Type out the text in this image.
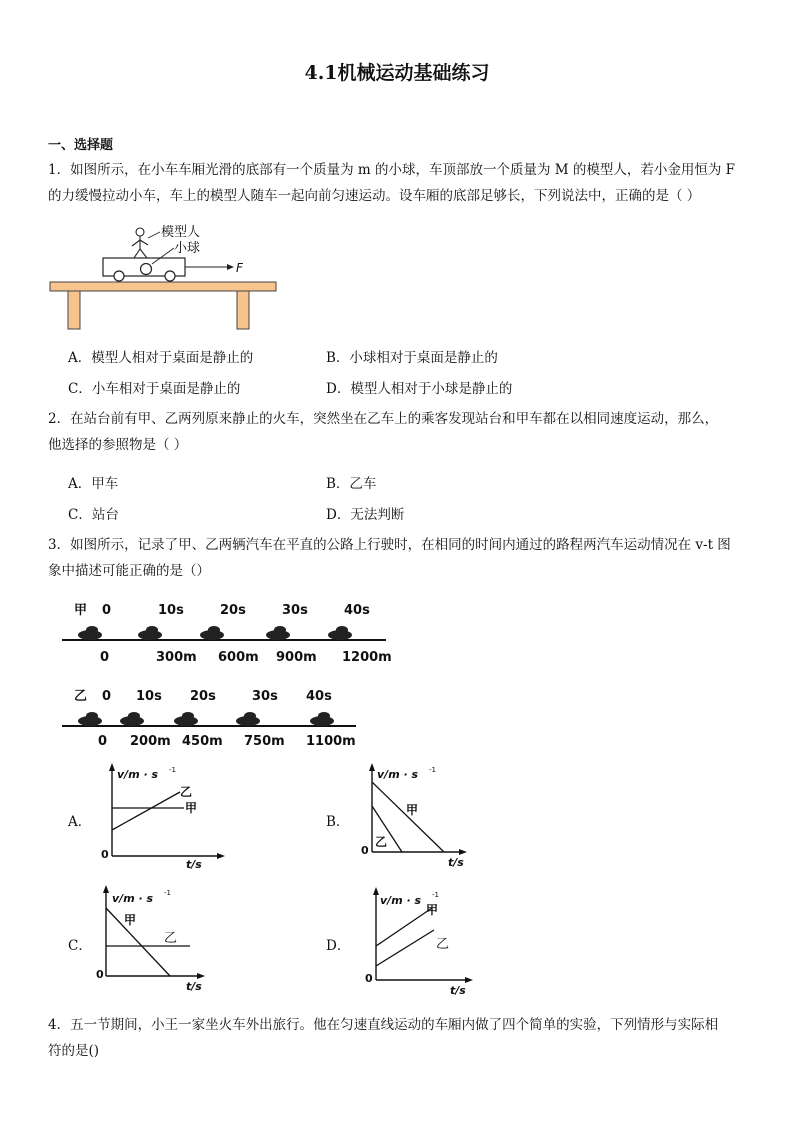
4.1机械运动基础练习
一、选择题
1．如图所示，在小车车厢光滑的底部有一个质量为 m 的小球，车顶部放一个质量为 M 的模型人，若小金用恒为 F
的力缓慢拉动小车，车上的模型人随车一起向前匀速运动。设车厢的底部足够长，下列说法中，正确的是（ ）
模型人
小球
F
A．模型人相对于桌面是静止的	B．小球相对于桌面是静止的
C．小车相对于桌面是静止的	D．模型人相对于小球是静止的
2．在站台前有甲、乙两列原来静止的火车，突然坐在乙车上的乘客发现站台和甲车都在以相同速度运动，那么，
他选择的参照物是（ ）
A．甲车	B．乙车
C．站台	D．无法判断
3．如图所示，记录了甲、乙两辆汽车在平直的公路上行驶时，在相同的时间内通过的路程两汽车运动情况在 v-t 图
象中描述可能正确的是（）
甲 0	10s	20s	30s	40s
0	300m 600m 900m 1200m
乙 0 10s 20s	30s 40s
0 200m 450m 750m 1100m
A．	B．
C．	D．
v/m · s -1
t/s
0
甲
乙
v/m · s -1
t/s
0
甲
乙
v/m · s -1
t/s
0
甲
乙
v/m · s -1
t/s
0
甲
乙
4．五一节期间，小王一家坐火车外出旅行。他在匀速直线运动的车厢内做了四个简单的实验，下列情形与实际相
符的是()
